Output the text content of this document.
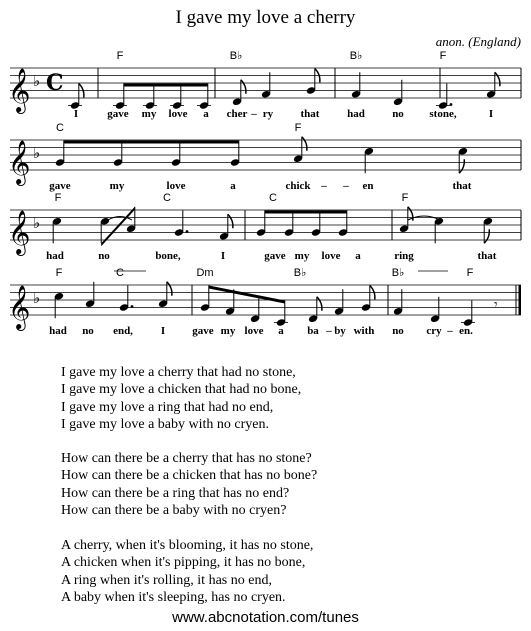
I gave my love a cherry
anon. (England)
𝄞 ♭ C
𝄞 ♭
𝄞 ♭
𝄞 ♭	𝄾
F	B♭	B♭	F
I	gave my love a cher – ry that	had no stone,	I
C	F
gave	my	love	a	chick – – en	that
F	C	C	F
had	no	bone,	I	gave my love a	ring	that
F	C	Dm	B♭	B♭	F
had no end,	I gave my love a ba – by with no cry – en.

I gave my love a cherry that had no stone,

I gave my love a chicken that had no bone,

I gave my love a ring that had no end,

I gave my love a baby with no cryen.

How can there be a cherry that has no stone?

How can there be a chicken that has no bone?

How can there be a ring that has no end?

How can there be a baby with no cryen?

A cherry, when it's blooming, it has no stone,

A chicken when it's pipping, it has no bone,

A ring when it's rolling, it has no end,

A baby when it's sleeping, has no cryen.

www.abcnotation.com/tunes
